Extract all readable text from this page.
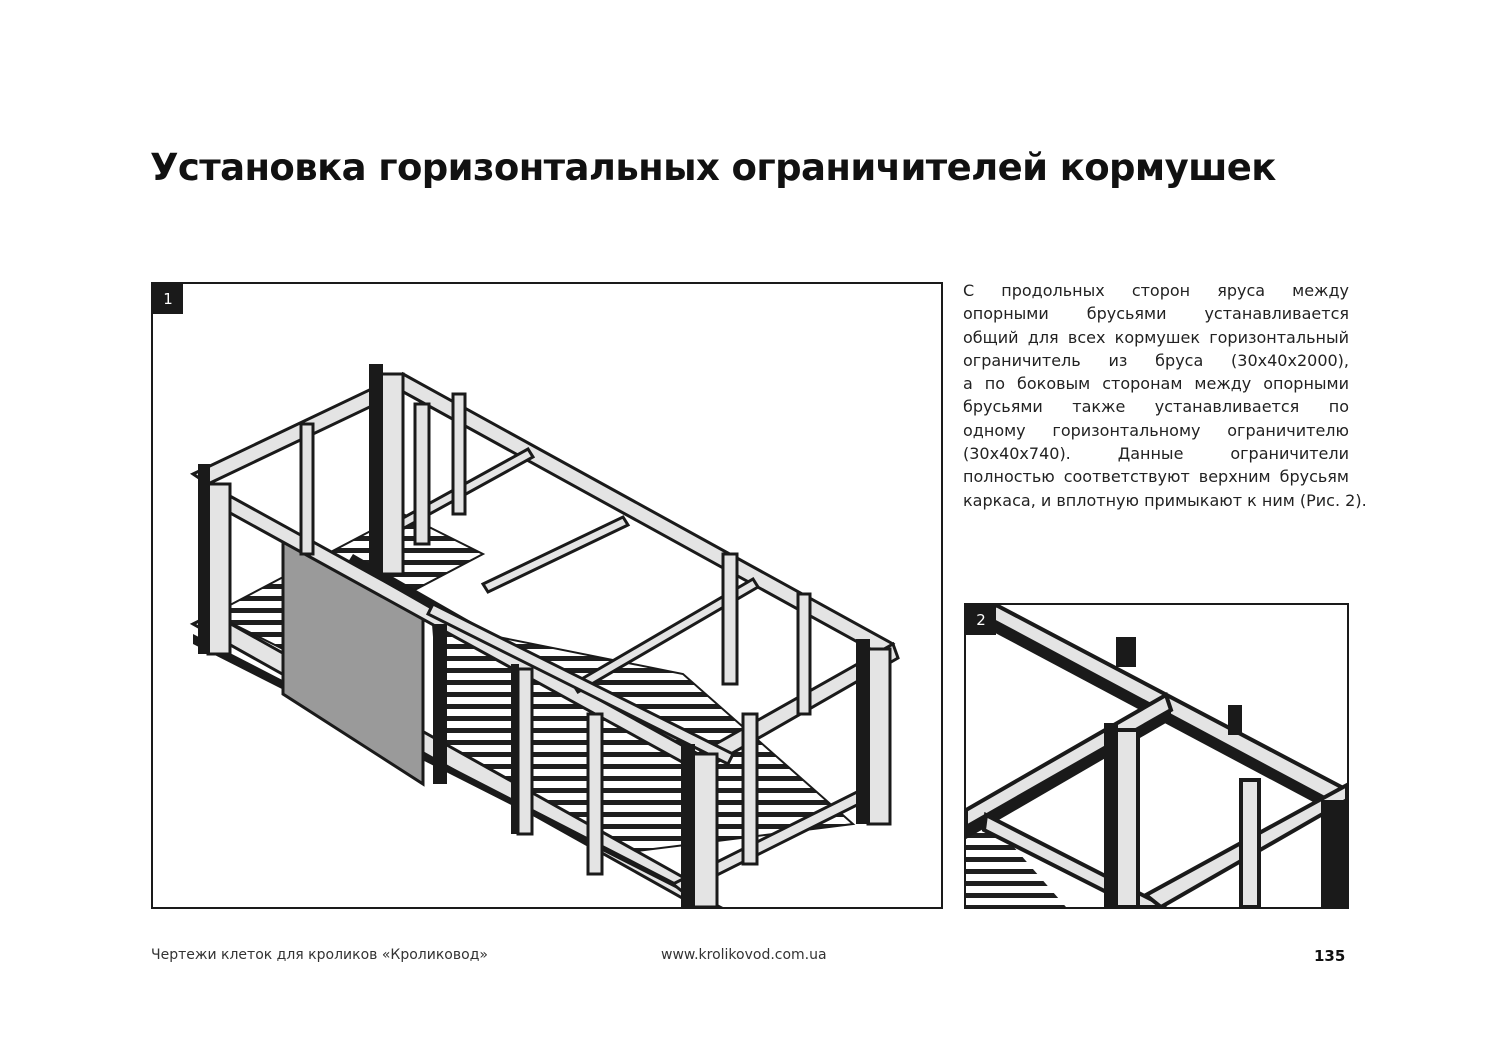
Установка горизонтальных ограничителей кормушек
1	С продольных сторон яруса между
опорными брусьями устанавливается
общий для всех кормушек горизонтальный
ограничитель из бруса (30х40х2000),
а по боковым сторонам между опорными
брусьями также устанавливается по
одному горизонтальному ограничителю
(30х40х740). Данные ограничители
полностью соответствуют верхним брусьям
каркаса, и вплотную примыкают к ним (Рис. 2).
2
Чертежи клеток для кроликов «Кроликовод»	www.krolikovod.com.ua	135
